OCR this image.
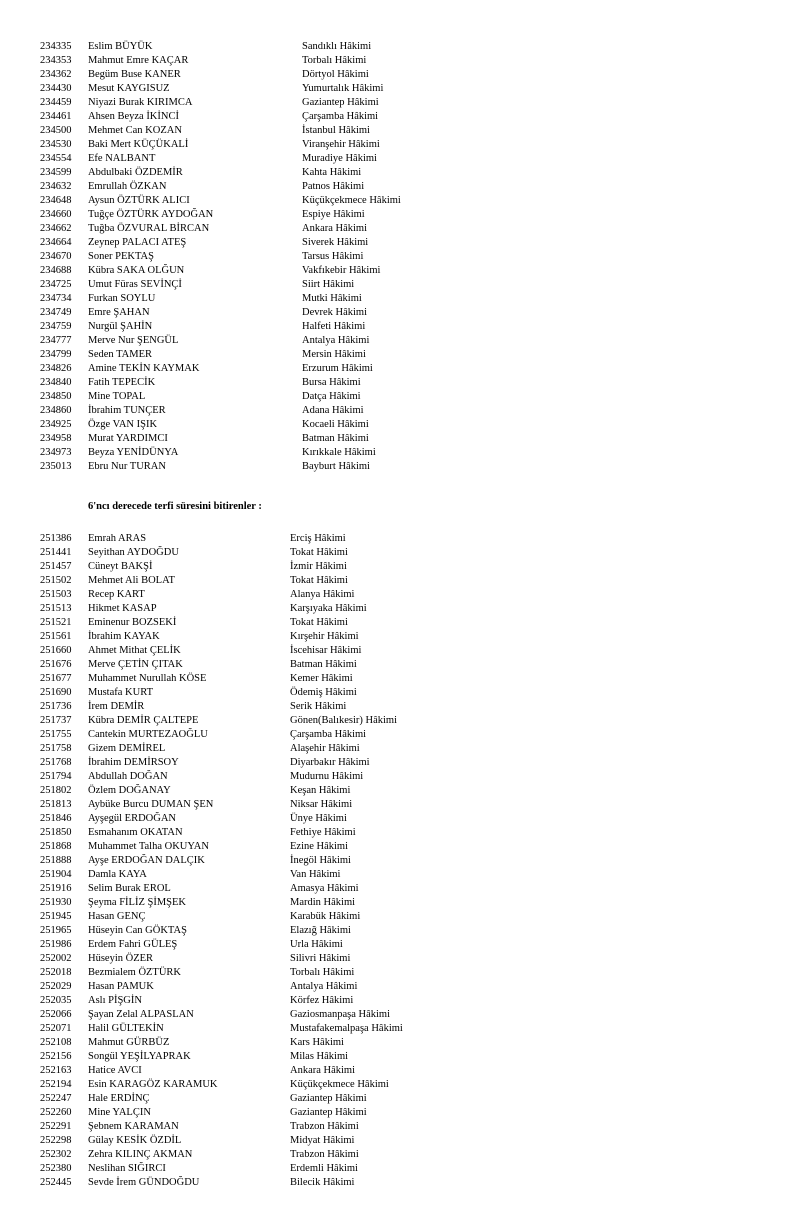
234335 Eslim BÜYÜK	Sandıklı Hâkimi
234353 Mahmut Emre KAÇAR	Torbalı Hâkimi
234362 Begüm Buse KANER	Dörtyol Hâkimi
234430 Mesut KAYGISUZ	Yumurtalık Hâkimi
234459 Niyazi Burak KIRIMCA	Gaziantep Hâkimi
234461 Ahsen Beyza İKİNCİ	Çarşamba Hâkimi
234500 Mehmet Can KOZAN	İstanbul Hâkimi
234530 Baki Mert KÜÇÜKALİ	Viranşehir Hâkimi
234554 Efe NALBANT	Muradiye Hâkimi
234599 Abdulbaki ÖZDEMİR	Kahta Hâkimi
234632 Emrullah ÖZKAN	Patnos Hâkimi
234648 Aysun ÖZTÜRK ALICI	Küçükçekmece Hâkimi
234660 Tuğçe ÖZTÜRK AYDOĞAN	Espiye Hâkimi
234662 Tuğba ÖZVURAL BİRCAN	Ankara Hâkimi
234664 Zeynep PALACI ATEŞ	Siverek Hâkimi
234670 Soner PEKTAŞ	Tarsus Hâkimi
234688 Kübra SAKA OLĞUN	Vakfıkebir Hâkimi
234725 Umut Füras SEVİNÇİ	Siirt Hâkimi
234734 Furkan SOYLU	Mutki Hâkimi
234749 Emre ŞAHAN	Devrek Hâkimi
234759 Nurgül ŞAHİN	Halfeti Hâkimi
234777 Merve Nur ŞENGÜL	Antalya Hâkimi
234799 Seden TAMER	Mersin Hâkimi
234826 Amine TEKİN KAYMAK	Erzurum Hâkimi
234840 Fatih TEPECİK	Bursa Hâkimi
234850 Mine TOPAL	Datça Hâkimi
234860 İbrahim TUNÇER	Adana Hâkimi
234925 Özge VAN IŞIK	Kocaeli Hâkimi
234958 Murat YARDIMCI	Batman Hâkimi
234973 Beyza YENİDÜNYA	Kırıkkale Hâkimi
235013 Ebru Nur TURAN	Bayburt Hâkimi
6'ncı derecede terfi süresini bitirenler :
251386 Emrah ARAS	Erciş Hâkimi
251441 Seyithan AYDOĞDU	Tokat Hâkimi
251457 Cüneyt BAKŞİ	İzmir Hâkimi
251502 Mehmet Ali BOLAT	Tokat Hâkimi
251503 Recep KART	Alanya Hâkimi
251513 Hikmet KASAP	Karşıyaka Hâkimi
251521 Eminenur BOZSEKİ	Tokat Hâkimi
251561 İbrahim KAYAK	Kırşehir Hâkimi
251660 Ahmet Mithat ÇELİK	İscehisar Hâkimi
251676 Merve ÇETİN ÇITAK	Batman Hâkimi
251677 Muhammet Nurullah KÖSE	Kemer Hâkimi
251690 Mustafa KURT	Ödemiş Hâkimi
251736 İrem DEMİR	Serik Hâkimi
251737 Kübra DEMİR ÇALTEPE	Gönen(Balıkesir) Hâkimi
251755 Cantekin MURTEZAOĞLU	Çarşamba Hâkimi
251758 Gizem DEMİREL	Alaşehir Hâkimi
251768 İbrahim DEMİRSOY	Diyarbakır Hâkimi
251794 Abdullah DOĞAN	Mudurnu Hâkimi
251802 Özlem DOĞANAY	Keşan Hâkimi
251813 Aybüke Burcu DUMAN ŞEN	Niksar Hâkimi
251846 Ayşegül ERDOĞAN	Ünye Hâkimi
251850 Esmahanım OKATAN	Fethiye Hâkimi
251868 Muhammet Talha OKUYAN	Ezine Hâkimi
251888 Ayşe ERDOĞAN DALÇIK	İnegöl Hâkimi
251904 Damla KAYA	Van Hâkimi
251916 Selim Burak EROL	Amasya Hâkimi
251930 Şeyma FİLİZ ŞİMŞEK	Mardin Hâkimi
251945 Hasan GENÇ	Karabük Hâkimi
251965 Hüseyin Can GÖKTAŞ	Elazığ Hâkimi
251986 Erdem Fahri GÜLEŞ	Urla Hâkimi
252002 Hüseyin ÖZER	Silivri Hâkimi
252018 Bezmialem ÖZTÜRK	Torbalı Hâkimi
252029 Hasan PAMUK	Antalya Hâkimi
252035 Aslı PİŞGİN	Körfez Hâkimi
252066 Şayan Zelal ALPASLAN	Gaziosmanpaşa Hâkimi
252071 Halil GÜLTEKİN	Mustafakemalpaşa Hâkimi
252108 Mahmut GÜRBÜZ	Kars Hâkimi
252156 Songül YEŞİLYAPRAK	Milas Hâkimi
252163 Hatice AVCI	Ankara Hâkimi
252194 Esin KARAGÖZ KARAMUK	Küçükçekmece Hâkimi
252247 Hale ERDİNÇ	Gaziantep Hâkimi
252260 Mine YALÇIN	Gaziantep Hâkimi
252291 Şebnem KARAMAN	Trabzon Hâkimi
252298 Gülay KESİK ÖZDİL	Midyat Hâkimi
252302 Zehra KILINÇ AKMAN	Trabzon Hâkimi
252380 Neslihan SIĞIRCI	Erdemli Hâkimi
252445 Sevde İrem GÜNDOĞDU	Bilecik Hâkimi
